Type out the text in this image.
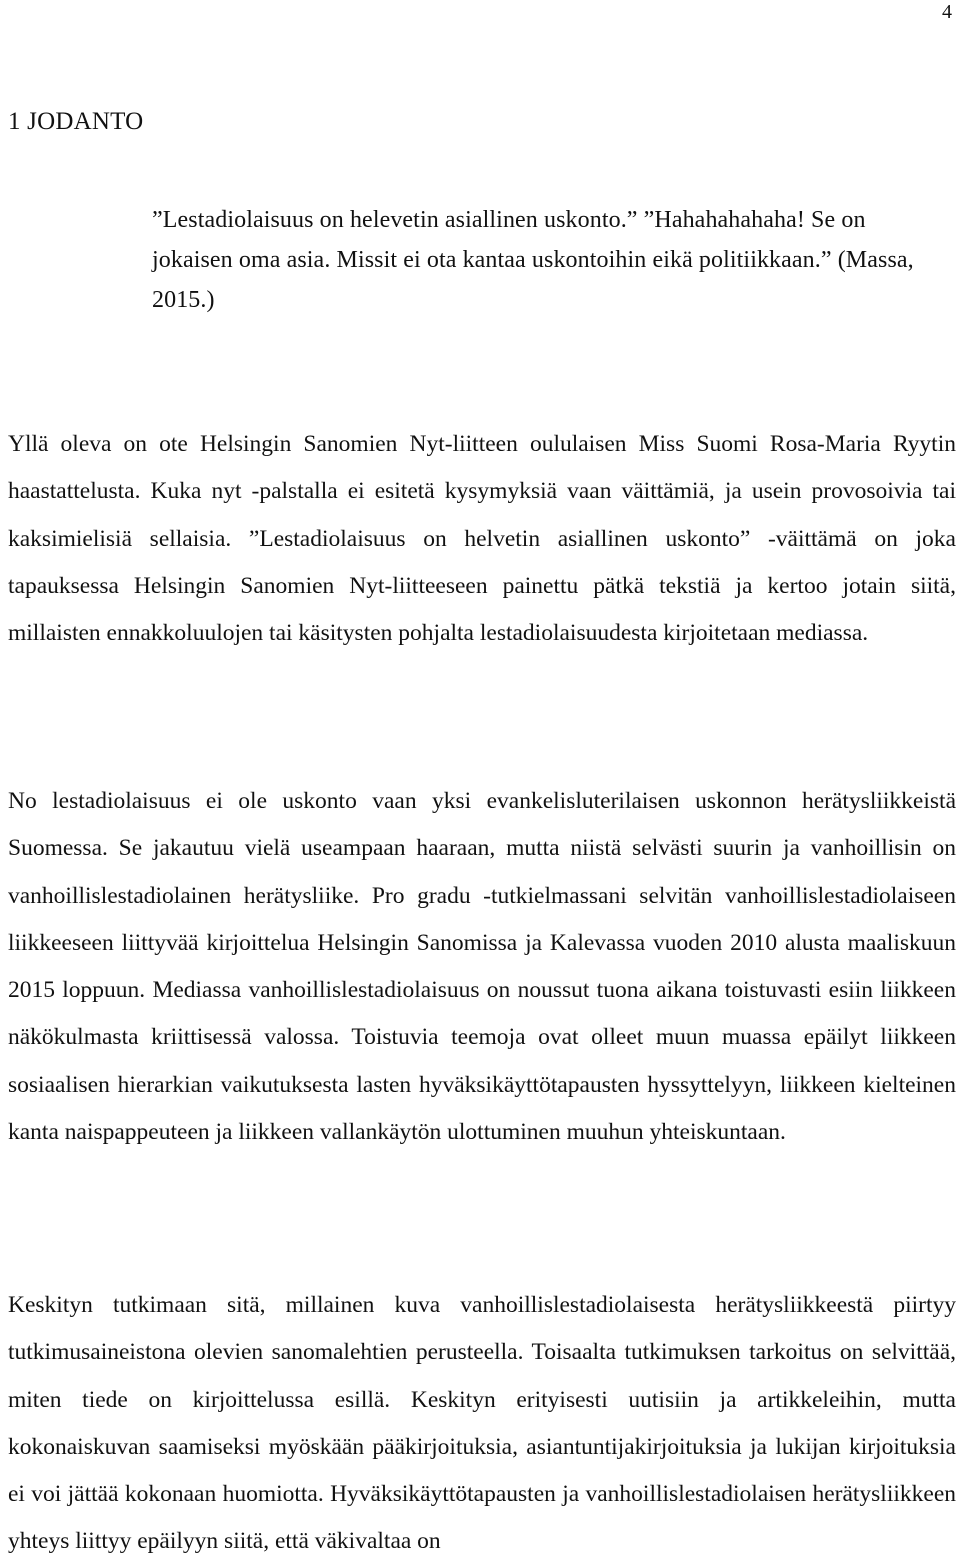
4
1 JODANTO

”Lestadiolaisuus on helevetin asiallinen uskonto.” ”Hahahahahaha! Se on jokaisen oma asia. Missit ei ota kantaa uskontoihin eikä politiikkaan.” (Massa, 2015.)

Yllä oleva on ote Helsingin Sanomien Nyt-liitteen oululaisen Miss Suomi Rosa-Maria Ryytin haastattelusta. Kuka nyt -palstalla ei esitetä kysymyksiä vaan väittämiä, ja usein provosoivia tai kaksimielisiä sellaisia. ”Lestadiolaisuus on helvetin asiallinen uskonto” -väittämä on joka tapauksessa Helsingin Sanomien Nyt-liitteeseen painettu pätkä tekstiä ja kertoo jotain siitä, millaisten ennakkoluulojen tai käsitysten pohjalta lestadiolaisuudesta kirjoitetaan mediassa.

No lestadiolaisuus ei ole uskonto vaan yksi evankelisluterilaisen uskonnon herätysliikkeistä Suomessa. Se jakautuu vielä useampaan haaraan, mutta niistä selvästi suurin ja vanhoillisin on vanhoillislestadiolainen herätysliike. Pro gradu -tutkielmassani selvitän vanhoillislestadiolaiseen liikkeeseen liittyvää kirjoittelua Helsingin Sanomissa ja Kalevassa vuoden 2010 alusta maaliskuun 2015 loppuun. Mediassa vanhoillislestadiolaisuus on noussut tuona aikana toistuvasti esiin liikkeen näkökulmasta kriittisessä valossa. Toistuvia teemoja ovat olleet muun muassa epäilyt liikkeen sosiaalisen hierarkian vaikutuksesta lasten hyväksikäyttötapausten hyssyttelyyn, liikkeen kielteinen kanta naispappeuteen ja liikkeen vallankäytön ulottuminen muuhun yhteiskuntaan.

Keskityn tutkimaan sitä, millainen kuva vanhoillislestadiolaisesta herätysliikkeestä piirtyy tutkimusaineistona olevien sanomalehtien perusteella. Toisaalta tutkimuksen tarkoitus on selvittää, miten tiede on kirjoittelussa esillä. Keskityn erityisesti uutisiin ja artikkeleihin, mutta kokonaiskuvan saamiseksi myöskään pääkirjoituksia, asiantuntijakirjoituksia ja lukijan kirjoituksia ei voi jättää kokonaan huomiotta. Hyväksikäyttötapausten ja vanhoillislestadiolaisen herätysliikkeen yhteys liittyy epäilyyn siitä, että väkivaltaa on
